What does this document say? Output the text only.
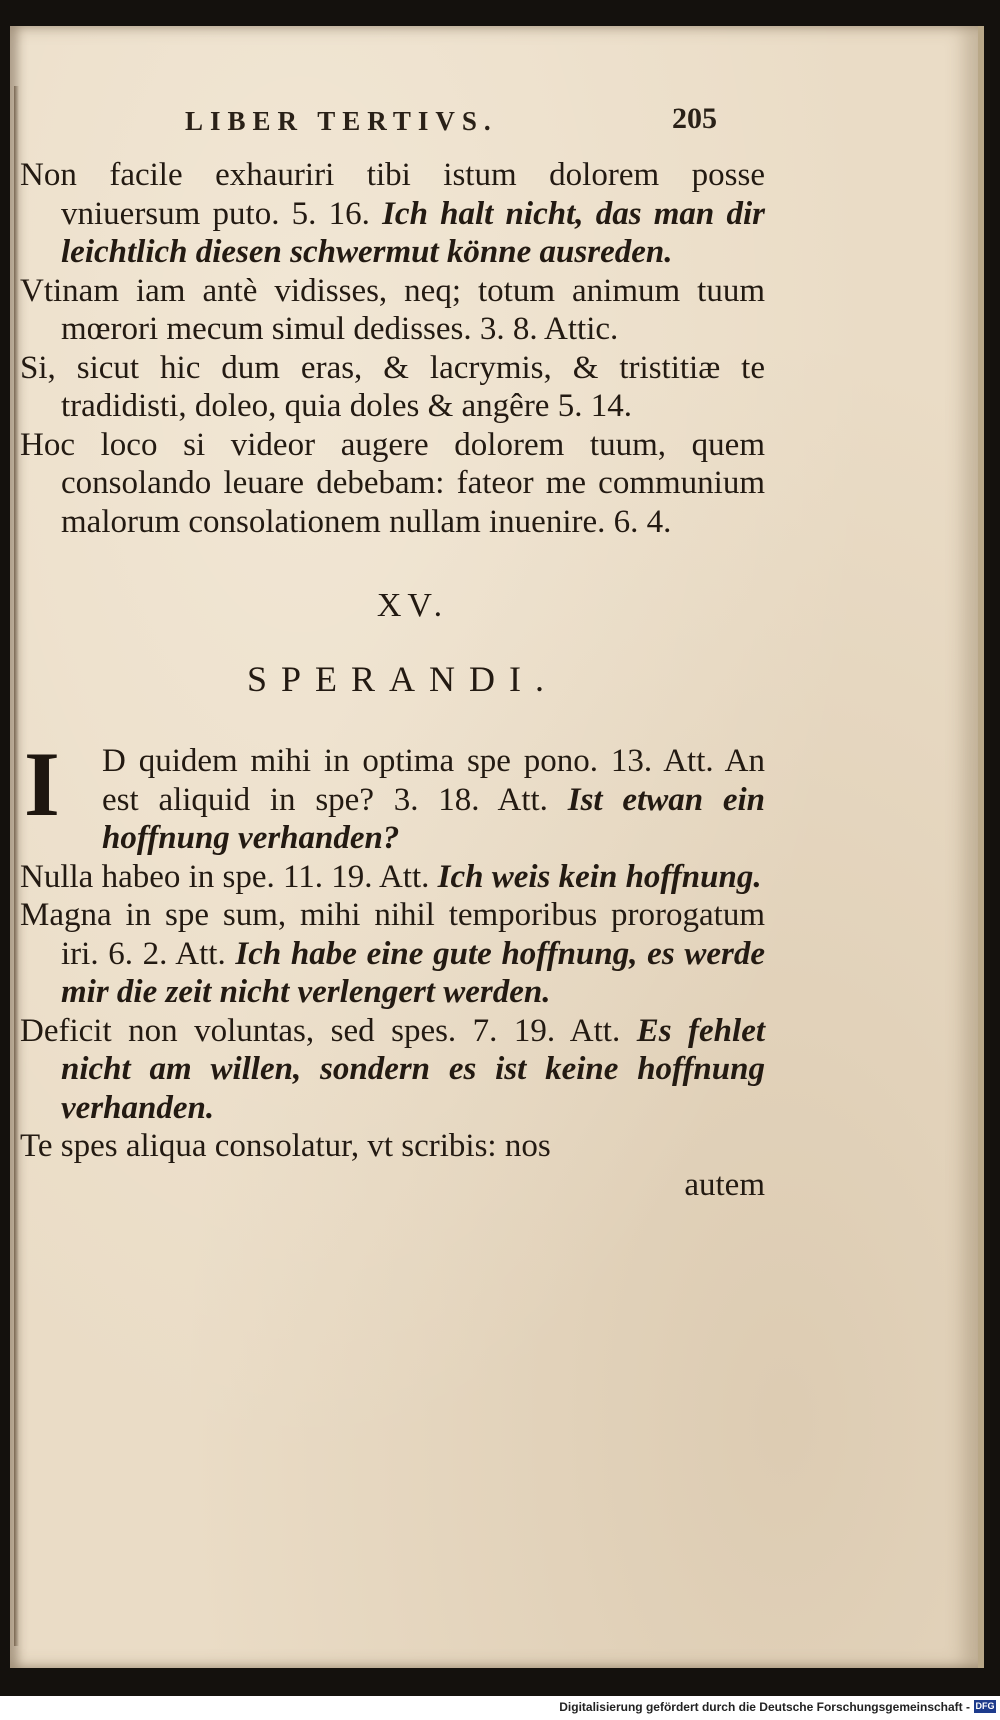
LIBER TERTIVS.	205

Non facile exhauriri tibi istum dolorem posse vniuersum puto. 5. 16. Ich halt nicht, das man dir leichtlich diesen schwermut könne ausreden.

Vtinam iam antè vidisses, neq; totum animum tuum mœrori mecum simul dedisses. 3. 8. Attic.

Si, sicut hic dum eras, & lacrymis, & tristitiæ te tradidisti, doleo, quia doles & angêre 5. 14.

Hoc loco si videor augere dolorem tuum, quem consolando leuare debebam: fateor me communium malorum consolationem nullam inuenire. 6. 4.

XV.
SPERANDI.
I	D quidem mihi in optima spe pono. 13. Att. An est aliquid in spe? 3. 18. Att. Ist etwan ein hoffnung verhanden?

Nulla habeo in spe. 11. 19. Att. Ich weis kein hoffnung.

Magna in spe sum, mihi nihil temporibus prorogatum iri. 6. 2. Att. Ich habe eine gute hoffnung, es werde mir die zeit nicht verlengert werden.

Deficit non voluntas, sed spes. 7. 19. Att. Es fehlet nicht am willen, sondern es ist keine hoffnung verhanden.

Te spes aliqua consolatur, vt scribis: nos

autem
Digitalisierung gefördert durch die Deutsche Forschungsgemeinschaft - DFG
